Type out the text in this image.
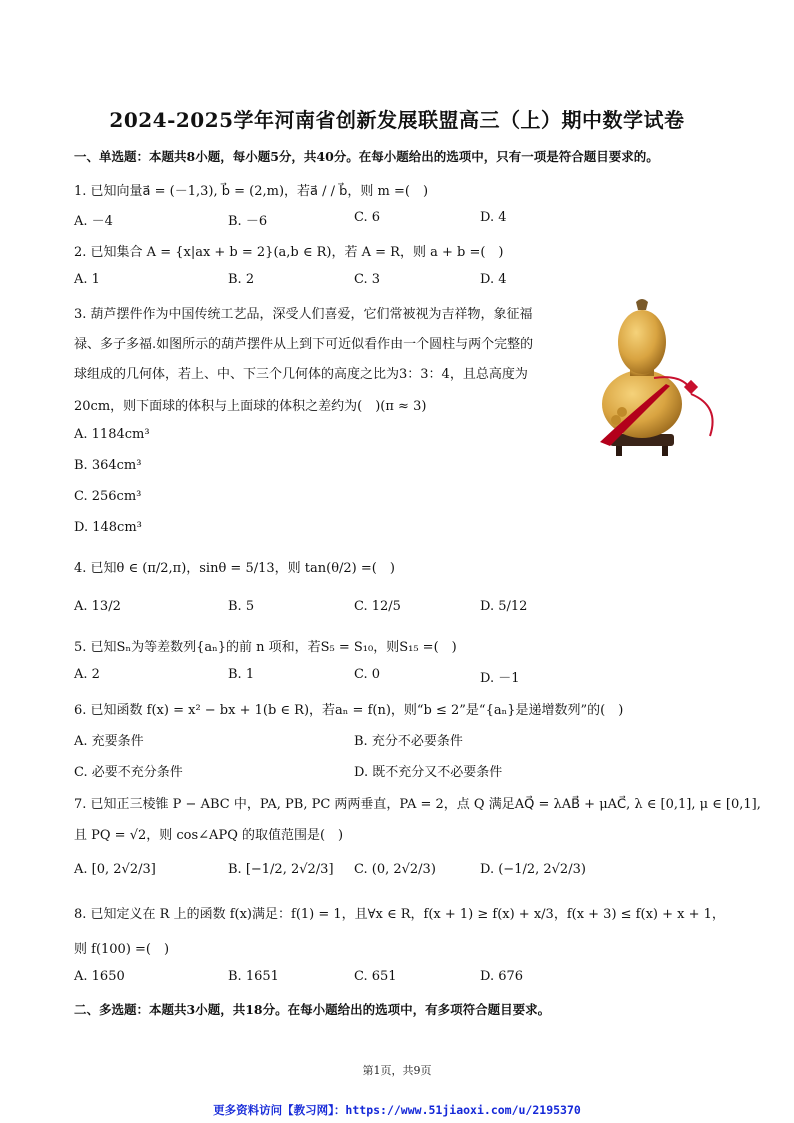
2024-2025学年河南省创新发展联盟高三（上）期中数学试卷
一、单选题：本题共8小题，每小题5分，共40分。在每小题给出的选项中，只有一项是符合题目要求的。
1. 已知向量a⃗ = (－1,3), b⃗ = (2,m)，若a⃗ / / b⃗，则 m =(　)
A. －4	B. －6	C. 6	D. 4
2. 已知集合 A = {x|ax + b = 2}(a,b ∈ R)，若 A = R，则 a + b =(　)
A. 1	B. 2	C. 3	D. 4
3. 葫芦摆件作为中国传统工艺品，深受人们喜爱，它们常被视为吉祥物，象征福
禄、多子多福.如图所示的葫芦摆件从上到下可近似看作由一个圆柱与两个完整的
球组成的几何体，若上、中、下三个几何体的高度之比为3：3：4，且总高度为
20cm，则下面球的体积与上面球的体积之差约为(　)(π ≈ 3)
A. 1184cm³
B. 364cm³
C. 256cm³
D. 148cm³
4. 已知θ ∈ (π/2,π)，sinθ = 5/13，则 tan(θ/2) =(　)
A. 13/2	B. 5	C. 12/5	D. 5/12
5. 已知Sₙ为等差数列{aₙ}的前 n 项和，若S₅ = S₁₀，则S₁₅ =(　)
A. 2	B. 1	C. 0	D. －1
6. 已知函数 f(x) = x² − bx + 1(b ∈ R)，若aₙ = f(n)，则“b ≤ 2”是“{aₙ}是递增数列”的(　)
A. 充要条件	B. 充分不必要条件
C. 必要不充分条件	D. 既不充分又不必要条件
7. 已知正三棱锥 P − ABC 中，PA, PB, PC 两两垂直，PA = 2，点 Q 满足AQ⃗ = λAB⃗ + μAC⃗, λ ∈ [0,1], μ ∈ [0,1],
且 PQ = √2，则 cos∠APQ 的取值范围是(　)
A. [0, 2√2/3]	B. [−1/2, 2√2/3] C. (0, 2√2/3)	D. (−1/2, 2√2/3)
8. 已知定义在 R 上的函数 f(x)满足：f(1) = 1，且∀x ∈ R，f(x + 1) ≥ f(x) + x/3，f(x + 3) ≤ f(x) + x + 1，
则 f(100) =(　)
A. 1650	B. 1651	C. 651	D. 676
二、多选题：本题共3小题，共18分。在每小题给出的选项中，有多项符合题目要求。
第1页，共9页
更多资料访问【教习网】：https://www.51jiaoxi.com/u/2195370
